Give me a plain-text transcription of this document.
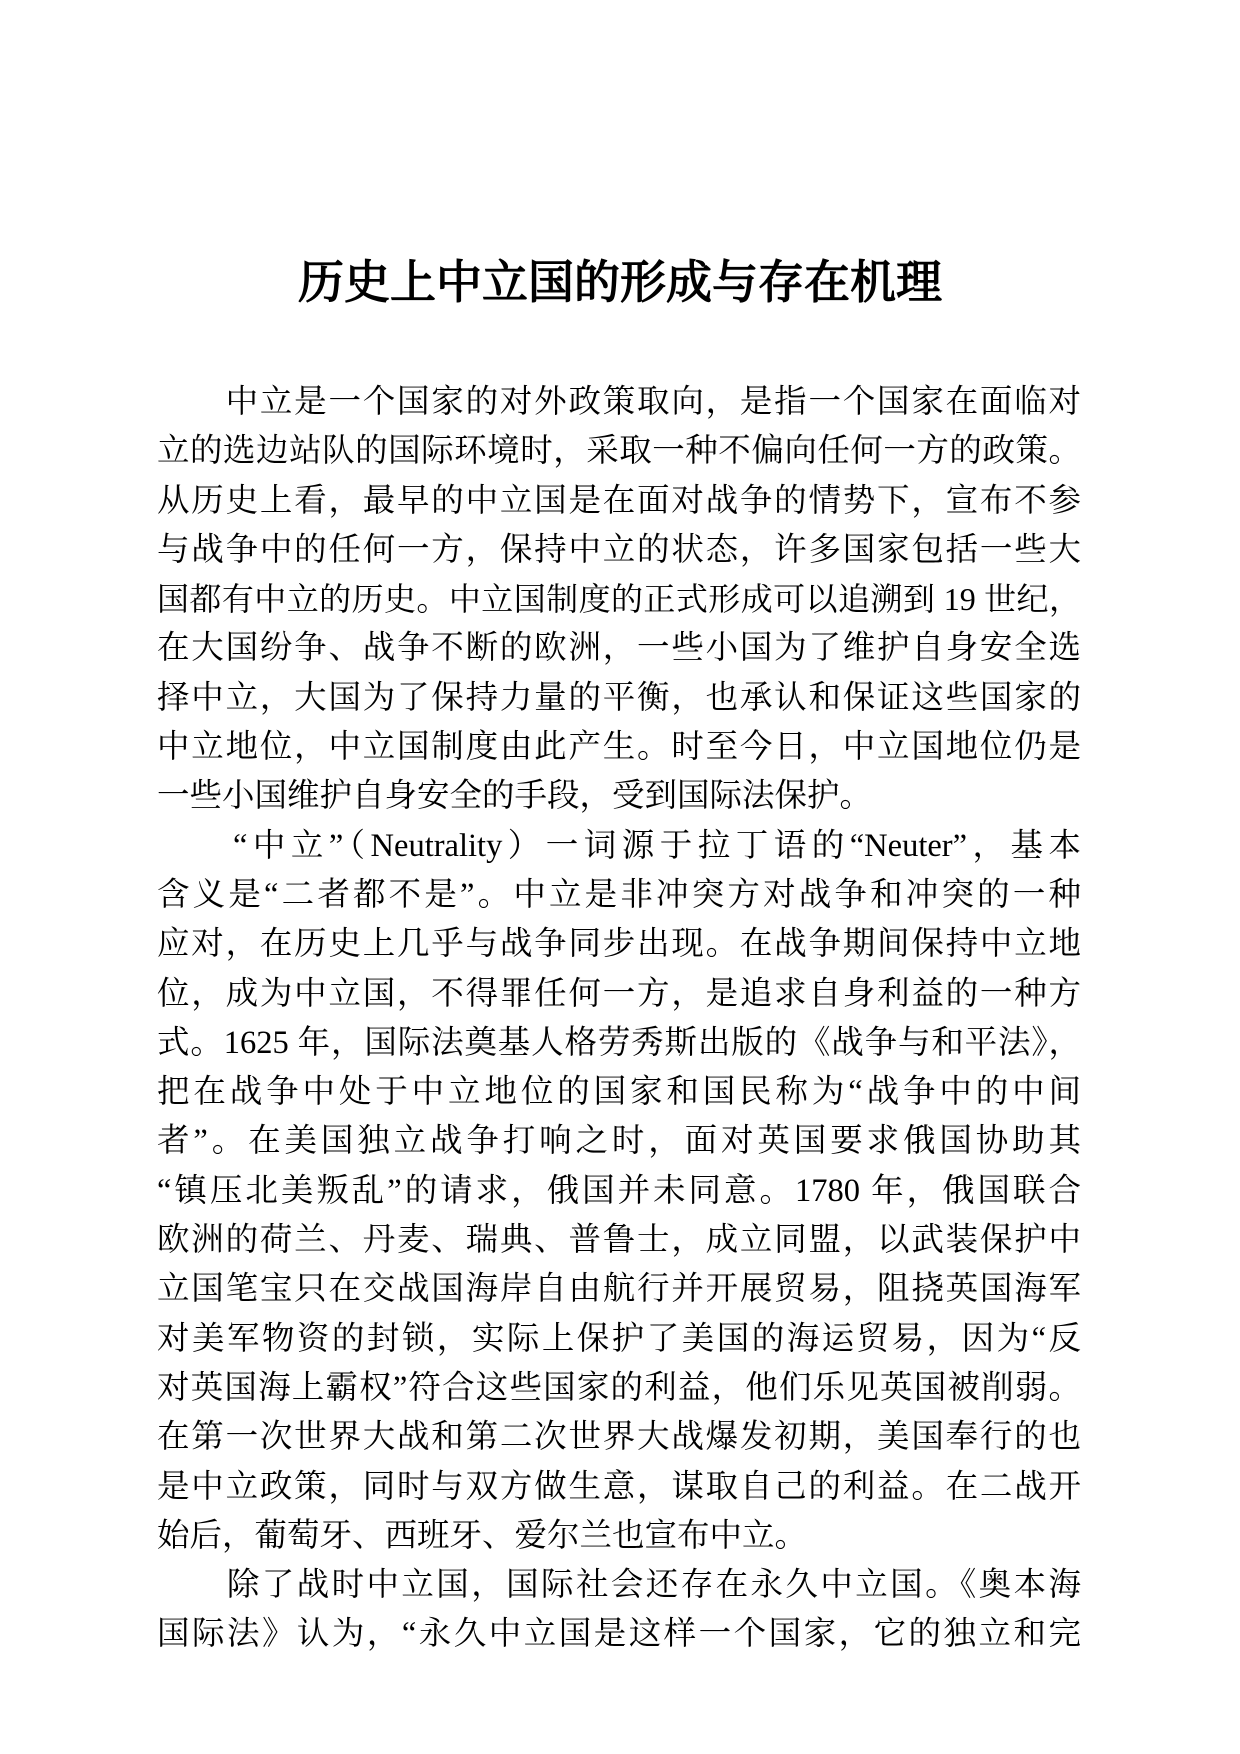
历史上中立国的形成与存在机理
　　中立是一个国家的对外政策取向，是指一个国家在面临对
立的选边站队的国际环境时，采取一种不偏向任何一方的政策。
从历史上看，最早的中立国是在面对战争的情势下，宣布不参
与战争中的任何一方，保持中立的状态，许多国家包括一些大
国都有中立的历史。中立国制度的正式形成可以追溯到 19 世纪，
在大国纷争、战争不断的欧洲，一些小国为了维护自身安全选
择中立，大国为了保持力量的平衡，也承认和保证这些国家的
中立地位，中立国制度由此产生。时至今日，中立国地位仍是
一些小国维护自身安全的手段，受到国际法保护。
　　“中立”（Neutrality）一词源于拉丁语的“Neuter”，基本
含义是“二者都不是”。中立是非冲突方对战争和冲突的一种
应对，在历史上几乎与战争同步出现。在战争期间保持中立地
位，成为中立国，不得罪任何一方，是追求自身利益的一种方
式。1625 年，国际法奠基人格劳秀斯出版的《战争与和平法》，
把在战争中处于中立地位的国家和国民称为“战争中的中间
者”。在美国独立战争打响之时，面对英国要求俄国协助其
“镇压北美叛乱”的请求，俄国并未同意。1780 年，俄国联合
欧洲的荷兰、丹麦、瑞典、普鲁士，成立同盟，以武装保护中
立国笔宝只在交战国海岸自由航行并开展贸易，阻挠英国海军
对美军物资的封锁，实际上保护了美国的海运贸易，因为“反
对英国海上霸权”符合这些国家的利益，他们乐见英国被削弱。
在第一次世界大战和第二次世界大战爆发初期，美国奉行的也
是中立政策，同时与双方做生意，谋取自己的利益。在二战开
始后，葡萄牙、西班牙、爱尔兰也宣布中立。
　　除了战时中立国，国际社会还存在永久中立国。《奥本海
国际法》认为，“永久中立国是这样一个国家，它的独立和完
